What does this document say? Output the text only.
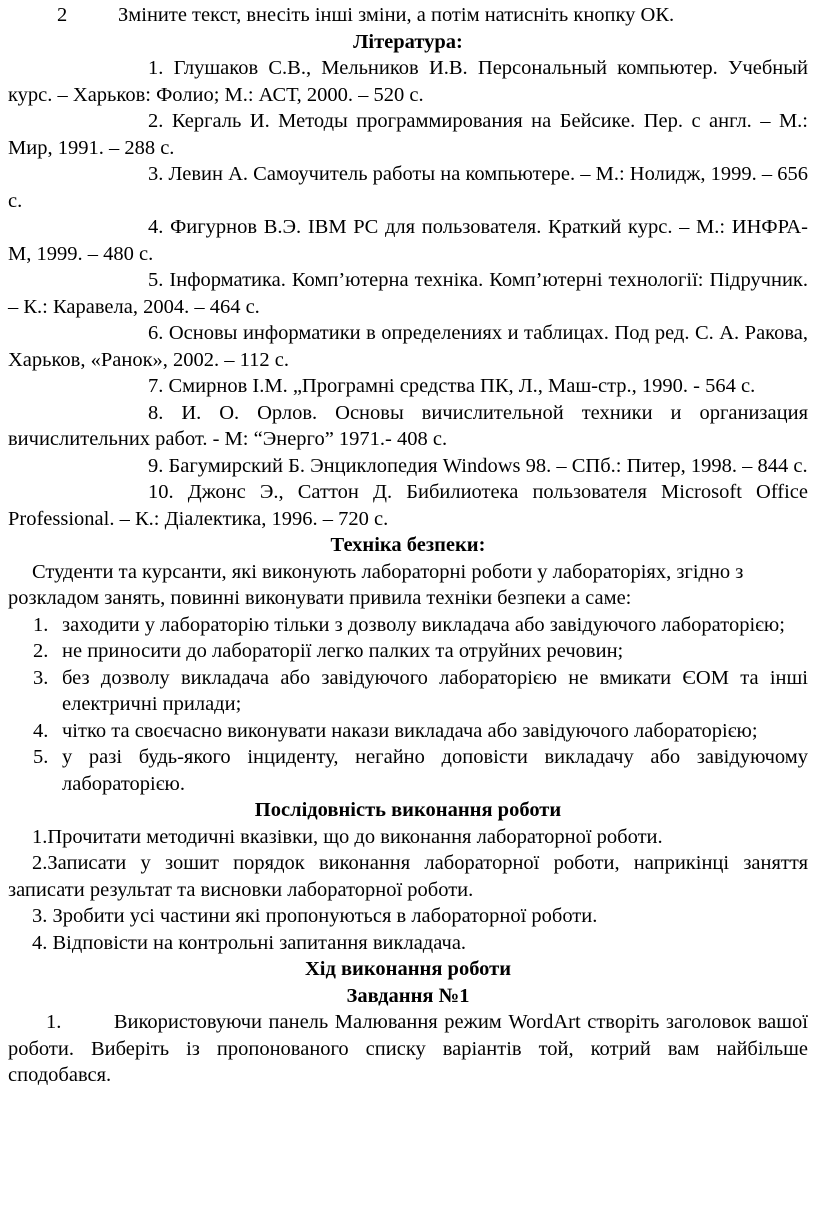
2	Зміните текст, внесіть інші зміни, а потім натисніть кнопку ОК.

Література:

1. Глушаков С.В., Мельников И.В. Персональный компьютер. Учебный курс. – Харьков: Фолио; М.: АСТ, 2000. – 520 с.

2. Кергаль И. Методы программирования на Бейсике. Пер. с англ. – М.: Мир, 1991. – 288 с.

3. Левин А. Самоучитель работы на компьютере. – М.: Нолидж, 1999. – 656 с.

4. Фигурнов В.Э. IBM PC для пользователя. Краткий курс. – М.: ИНФРА-М, 1999. – 480 с.

5. Інформатика. Комп’ютерна техніка. Комп’ютерні технології: Підручник. – К.: Каравела, 2004. – 464 с.

6. Основы информатики в определениях и таблицах. Под ред. С. А. Ракова, Харьков, «Ранок», 2002. – 112 с.

7. Смирнов І.М. „Програмні средства ПК, Л., Маш-стр., 1990. - 564 с.

8. И. О. Орлов. Основы вичислительной техники и организация вичислительних работ. - М: “Энерго” 1971.- 408 с.

9. Багумирский Б. Энциклопедия Windows 98. – СПб.: Питер, 1998. – 844 с.

10. Джонс Э., Саттон Д. Бибилиотека пользователя Microsoft Office Professional. – К.: Діалектика, 1996. – 720 с.

Техніка безпеки:

Студенти та курсанти, які виконують лабораторні роботи у лабораторіях, згідно з розкладом занять, повинні виконувати привила техніки безпеки а саме:

1. заходити у лабораторію тільки з дозволу викладача або завідуючого лабораторією;
2. не приносити до лабораторії легко палких та отруйних речовин;
3. без дозволу викладача або завідуючого лабораторією не вмикати ЄОМ та інші електричні прилади;
4. чітко та своєчасно виконувати накази викладача або завідуючого лабораторією;
5. у разі будь-якого інциденту, негайно доповісти викладачу або завідуючому лабораторією.

Послідовність виконання роботи

1.Прочитати методичні вказівки, що до виконання лабораторної роботи.

2.Записати у зошит порядок виконання лабораторної роботи, наприкінці заняття записати результат та висновки лабораторної роботи.

3. Зробити усі частини які пропонуються в лабораторної роботи.

4. Відповісти на контрольні запитання викладача.

Хід виконання роботи

Завдання №1

1.	Використовуючи панель Малювання режим WordArt створіть заголовок вашої роботи. Виберіть із пропонованого списку варіантів той, котрий вам найбільше сподобався.
